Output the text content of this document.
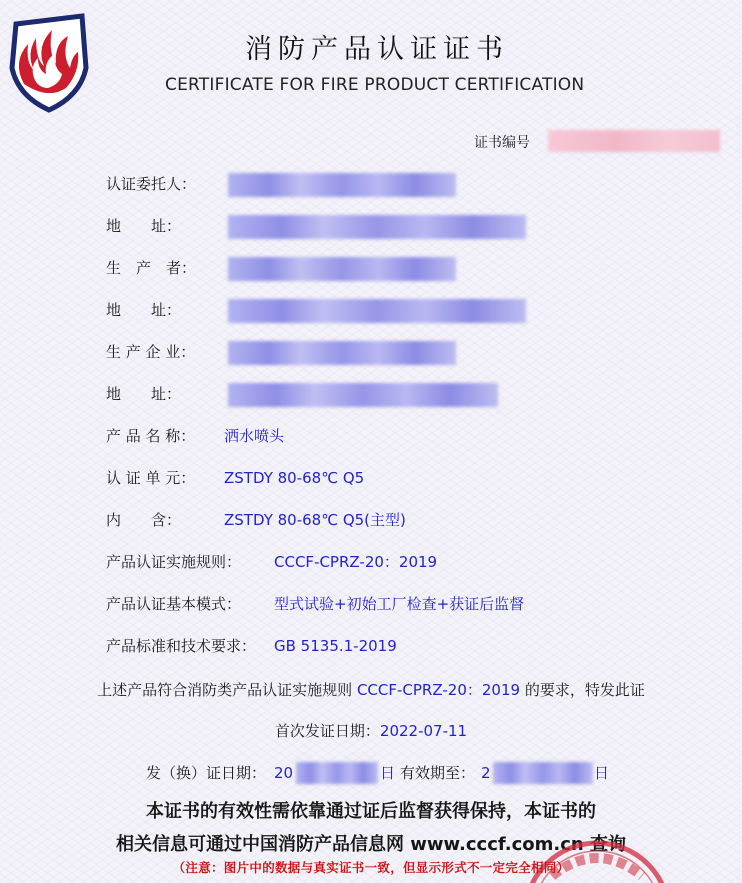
消防产品认证证书
CERTIFICATE FOR FIRE PRODUCT CERTIFICATION
证书编号
认证委托人：
地　　址：
生　产　者：
地　　址：
生 产 企 业：
地　　址：
产 品 名 称： 洒水喷头
认 证 单 元： ZSTDY 80-68℃ Q5
内　　含：	ZSTDY 80-68℃ Q5(主型)
产品认证实施规则： CCCF-CPRZ-20：2019
产品认证基本模式： 型式试验+初始工厂检查+获证后监督
产品标准和技术要求： GB 5135.1-2019
上述产品符合消防类产品认证实施规则 CCCF-CPRZ-20：2019 的要求，特发此证
首次发证日期：2022-07-11
发（换）证日期： 20	日 有效期至： 2	日
本证书的有效性需依靠通过证后监督获得保持，本证书的
相关信息可通过中国消防产品信息网 www.cccf.com.cn 查询
（注意：图片中的数据与真实证书一致，但显示形式不一定完全相同）
